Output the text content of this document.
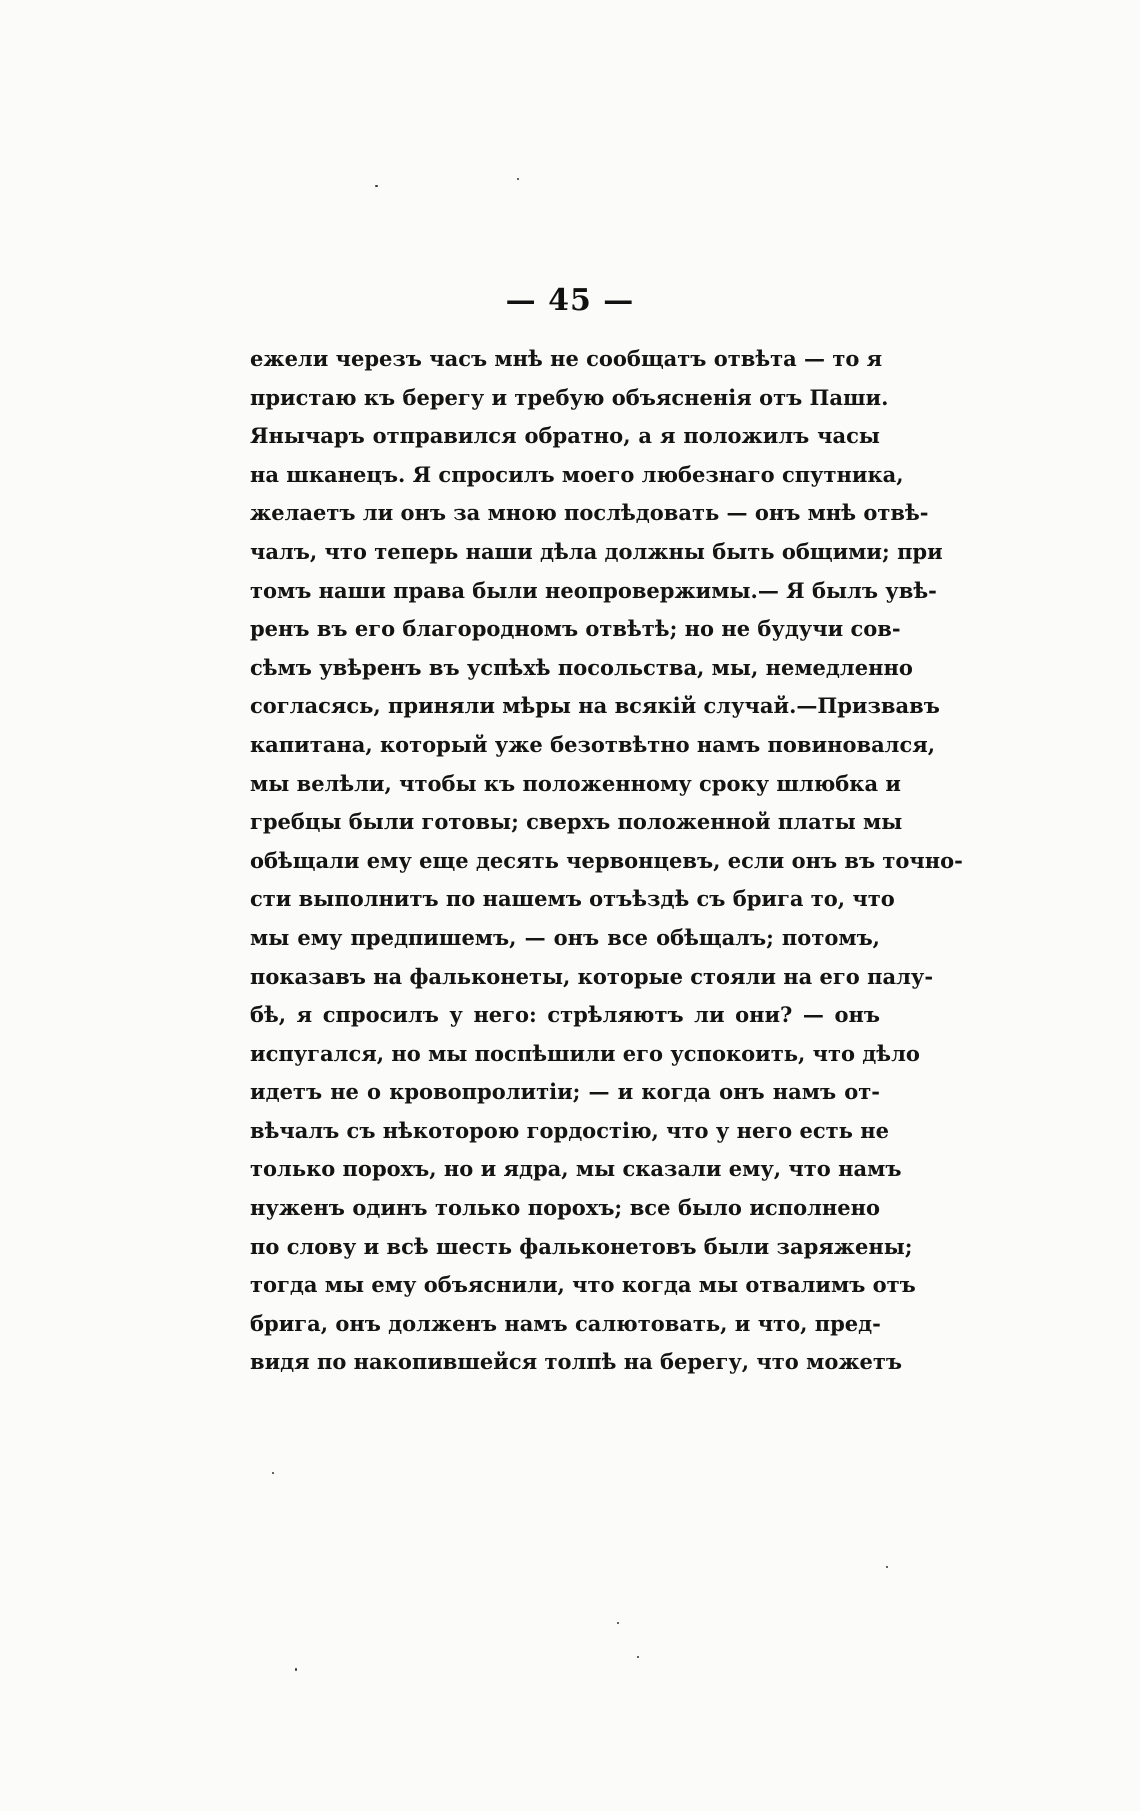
— 45 —
ежели черезъ часъ мнѣ не сообщатъ отвѣта — то я
пристаю къ берегу и требую объясненія отъ Паши.
Янычаръ отправился обратно, а я положилъ часы
на шканецъ. Я спросилъ моего любезнаго спутника,
желаетъ ли онъ за мною послѣдовать — онъ мнѣ отвѣ-
чалъ, что теперь наши дѣла должны быть общими; при
томъ наши права были неопровержимы.— Я былъ увѣ-
ренъ въ его благородномъ отвѣтѣ; но не будучи сов-
сѣмъ увѣренъ въ успѣхѣ посольства, мы, немедленно
согласясь, приняли мѣры на всякій случай.—Призвавъ
капитана, который уже безотвѣтно намъ повиновался,
мы велѣли, чтобы къ положенному сроку шлюбка и
гребцы были готовы; сверхъ положенной платы мы
обѣщали ему еще десять червонцевъ, если онъ въ точно-
сти выполнитъ по нашемъ отъѣздѣ съ брига то, что
мы ему предпишемъ, — онъ все обѣщалъ; потомъ,
показавъ на фальконеты, которые стояли на его палу-
бѣ, я спросилъ у него: стрѣляютъ ли они? — онъ
испугался, но мы поспѣшили его успокоить, что дѣло
идетъ не о кровопролитіи; — и когда онъ намъ от-
вѣчалъ съ нѣкоторою гордостію, что у него есть не
только порохъ, но и ядра, мы сказали ему, что намъ
нуженъ одинъ только порохъ; все было исполнено
по слову и всѣ шесть фальконетовъ были заряжены;
тогда мы ему объяснили, что когда мы отвалимъ отъ
брига, онъ долженъ намъ салютовать, и что, пред-
видя по накопившейся толпѣ на берегу, что можетъ
